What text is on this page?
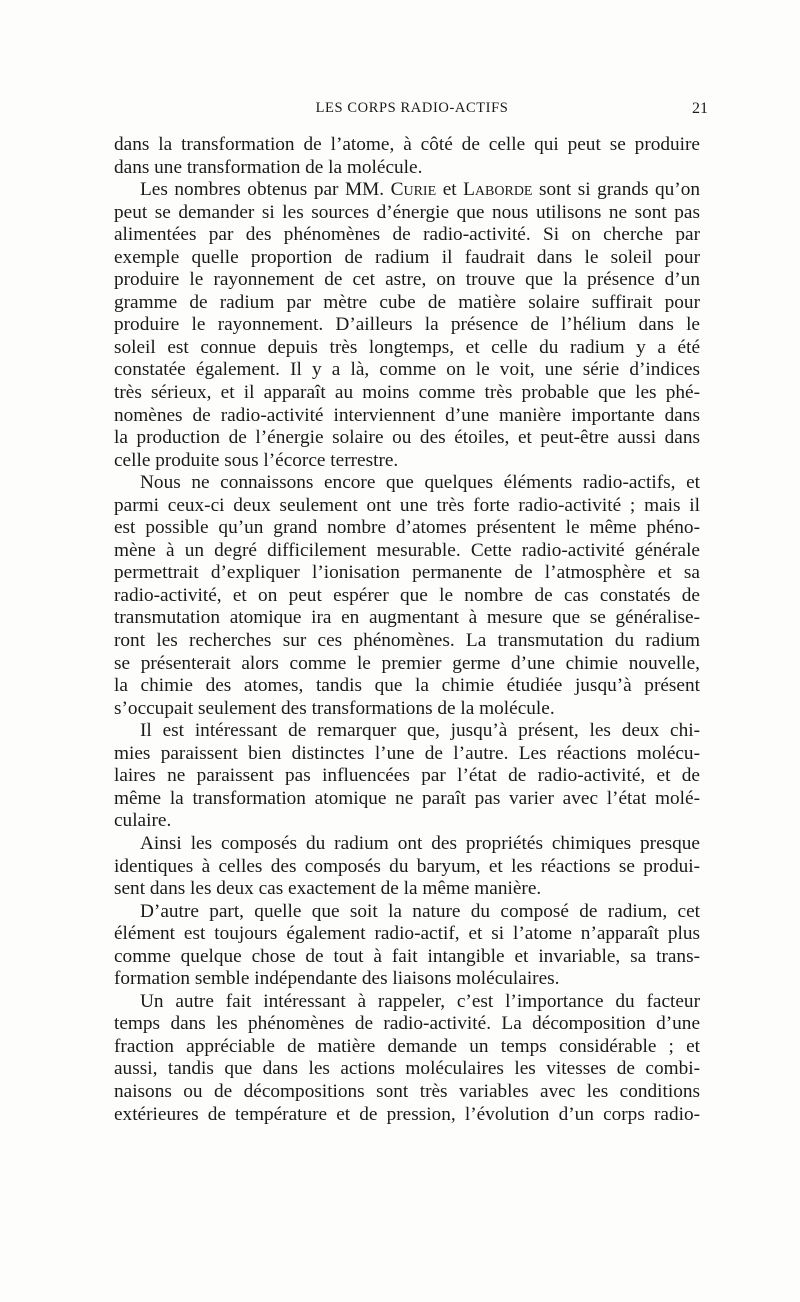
LES CORPS RADIO-ACTIFS	21
dans la transformation de l’atome, à côté de celle qui peut se produire
dans une transformation de la molécule.
Les nombres obtenus par MM. Curie et Laborde sont si grands qu’on
peut se demander si les sources d’énergie que nous utilisons ne sont pas
alimentées par des phénomènes de radio-activité. Si on cherche par
exemple quelle proportion de radium il faudrait dans le soleil pour
produire le rayonnement de cet astre, on trouve que la présence d’un
gramme de radium par mètre cube de matière solaire suffirait pour
produire le rayonnement. D’ailleurs la présence de l’hélium dans le
soleil est connue depuis très longtemps, et celle du radium y a été
constatée également. Il y a là, comme on le voit, une série d’indices
très sérieux, et il apparaît au moins comme très probable que les phé-
nomènes de radio-activité interviennent d’une manière importante dans
la production de l’énergie solaire ou des étoiles, et peut-être aussi dans
celle produite sous l’écorce terrestre.
Nous ne connaissons encore que quelques éléments radio-actifs, et
parmi ceux-ci deux seulement ont une très forte radio-activité ; mais il
est possible qu’un grand nombre d’atomes présentent le même phéno-
mène à un degré difficilement mesurable. Cette radio-activité générale
permettrait d’expliquer l’ionisation permanente de l’atmosphère et sa
radio-activité, et on peut espérer que le nombre de cas constatés de
transmutation atomique ira en augmentant à mesure que se généralise-
ront les recherches sur ces phénomènes. La transmutation du radium
se présenterait alors comme le premier germe d’une chimie nouvelle,
la chimie des atomes, tandis que la chimie étudiée jusqu’à présent
s’occupait seulement des transformations de la molécule.
Il est intéressant de remarquer que, jusqu’à présent, les deux chi-
mies paraissent bien distinctes l’une de l’autre. Les réactions molécu-
laires ne paraissent pas influencées par l’état de radio-activité, et de
même la transformation atomique ne paraît pas varier avec l’état molé-
culaire.
Ainsi les composés du radium ont des propriétés chimiques presque
identiques à celles des composés du baryum, et les réactions se produi-
sent dans les deux cas exactement de la même manière.
D’autre part, quelle que soit la nature du composé de radium, cet
élément est toujours également radio-actif, et si l’atome n’apparaît plus
comme quelque chose de tout à fait intangible et invariable, sa trans-
formation semble indépendante des liaisons moléculaires.
Un autre fait intéressant à rappeler, c’est l’importance du facteur
temps dans les phénomènes de radio-activité. La décomposition d’une
fraction appréciable de matière demande un temps considérable ; et
aussi, tandis que dans les actions moléculaires les vitesses de combi-
naisons ou de décompositions sont très variables avec les conditions
extérieures de température et de pression, l’évolution d’un corps radio-
